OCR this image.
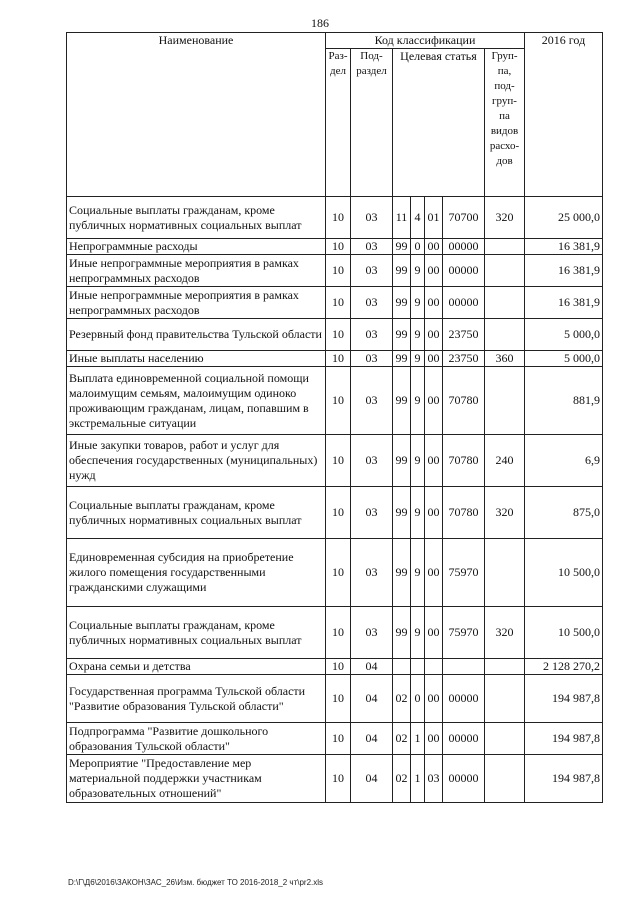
186
Наименование	Код классификации							2016 год
	Раз-дел	Под-раздел	Целевая статья				Груп-па, под-груп-па видов расхо-дов	
Социальные выплаты гражданам, кроме публичных нормативных социальных выплат	10	03	11	4	01	70700	320	25 000,0
Непрограммные расходы	10	03	99	0	00	00000		16 381,9
Иные непрограммные мероприятия в рамках непрограммных расходов	10	03	99	9	00	00000		16 381,9
Иные непрограммные мероприятия в рамках непрограммных расходов	10	03	99	9	00	00000		16 381,9
Резервный фонд правительства Тульской области	10	03	99	9	00	23750		5 000,0
Иные выплаты населению	10	03	99	9	00	23750	360	5 000,0
Выплата единовременной социальной помощи малоимущим семьям, малоимущим одиноко проживающим гражданам, лицам, попавшим в экстремальные ситуации	10	03	99	9	00	70780		881,9
Иные закупки товаров, работ и услуг для обеспечения государственных (муниципальных) нужд	10	03	99	9	00	70780	240	6,9
Социальные выплаты гражданам, кроме публичных нормативных социальных выплат	10	03	99	9	00	70780	320	875,0
Единовременная субсидия на приобретение жилого помещения государственными гражданскими служащими	10	03	99	9	00	75970		10 500,0
Социальные выплаты гражданам, кроме публичных нормативных социальных выплат	10	03	99	9	00	75970	320	10 500,0
Охрана семьи и детства	10	04						2 128 270,2
Государственная программа Тульской области "Развитие образования Тульской области"	10	04	02	0	00	00000		194 987,8
Подпрограмма "Развитие дошкольного образования Тульской области"	10	04	02	1	00	00000		194 987,8
Мероприятие "Предоставление мер материальной поддержки участникам образовательных отношений"	10	04	02	1	03	00000		194 987,8
D:\Г\Д6\2016\ЗАКОН\ЗАС_26\Изм. бюджет ТО 2016-2018_2 чт\pr2.xls
